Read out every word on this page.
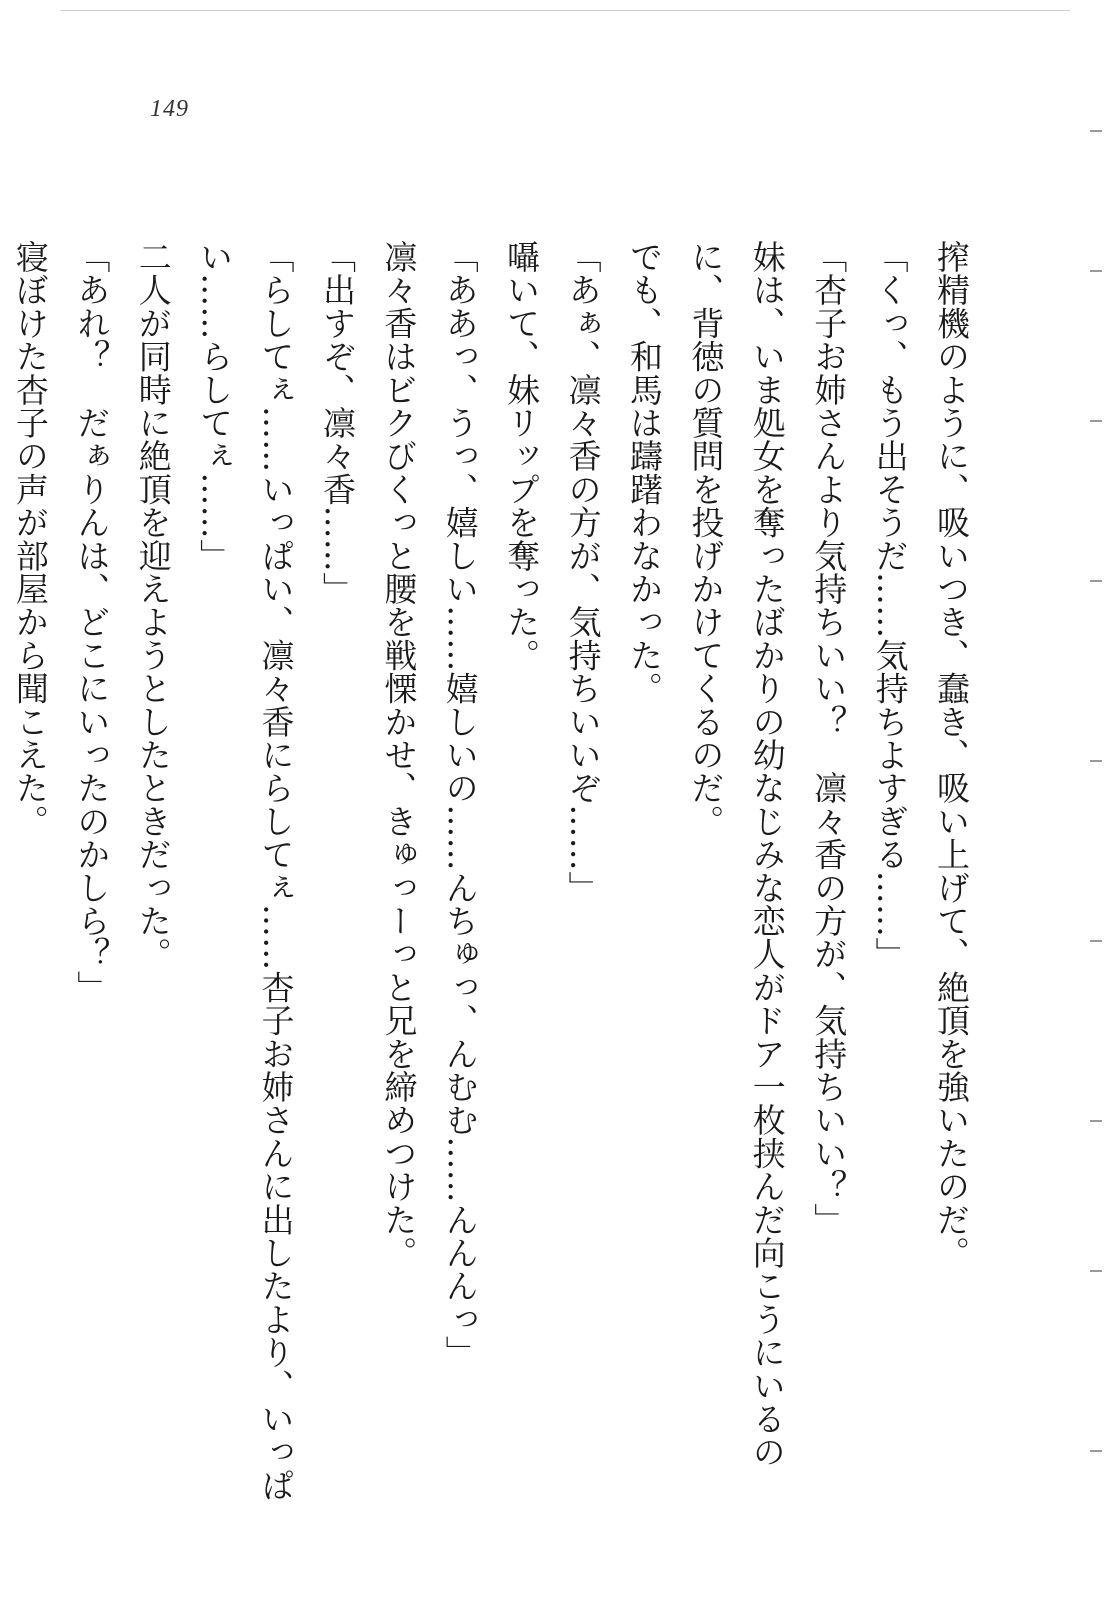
149
搾精機のように、吸いつき、蠢き、吸い上げて、絶頂を強いたのだ。
「くっ、もう出そうだ……気持ちよすぎる……」
「杏子お姉さんより気持ちいい？　凛々香の方が、気持ちいい？」
妹は、いま処女を奪ったばかりの幼なじみな恋人がドア一枚挟んだ向こうにいるの
に、背徳の質問を投げかけてくるのだ。
でも、和馬は躊躇わなかった。
「あぁ、凛々香の方が、気持ちいいぞ……」
囁いて、妹リップを奪った。
「ああっ、うっ、嬉しい……嬉しいの……んちゅっ、んむむ……んんんっ」
凛々香はビクびくっと腰を戦慄かせ、きゅっーっと兄を締めつけた。
「出すぞ、凛々香……」
「らしてぇ……いっぱい、凛々香にらしてぇ……杏子お姉さんに出したより、いっぱ
い……らしてぇ……」
二人が同時に絶頂を迎えようとしたときだった。
「あれ？　だぁりんは、どこにいったのかしら？」
寝ぼけた杏子の声が部屋から聞こえた。
